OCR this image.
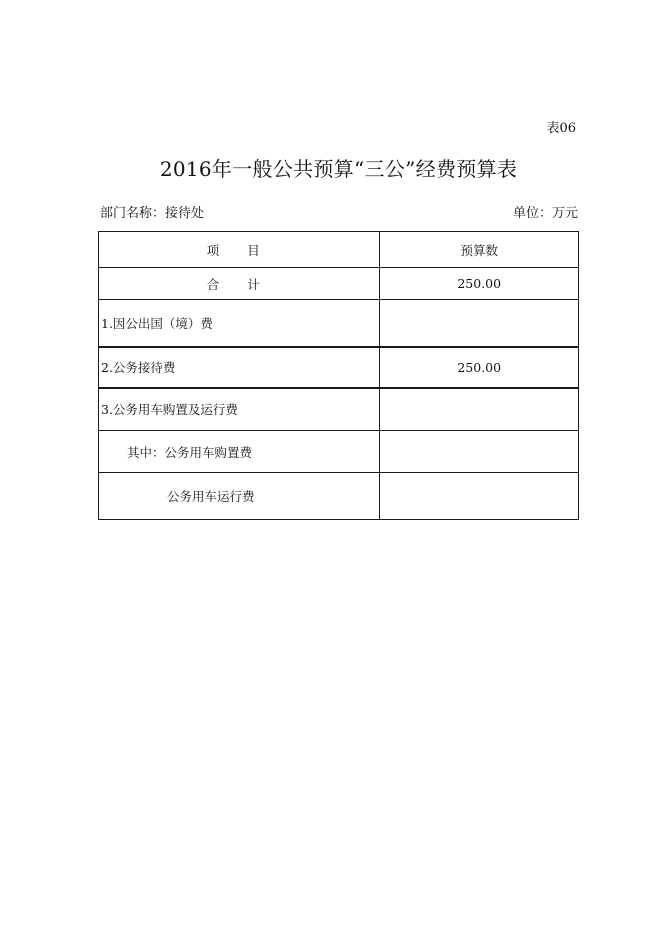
表06
2016年一般公共预算“三公”经费预算表
部门名称：接待处	单位：万元
项 目	预算数
合 计	250.00
1.因公出国（境）费	
2.公务接待费	250.00
3.公务用车购置及运行费	
其中：公务用车购置费	
公务用车运行费	
